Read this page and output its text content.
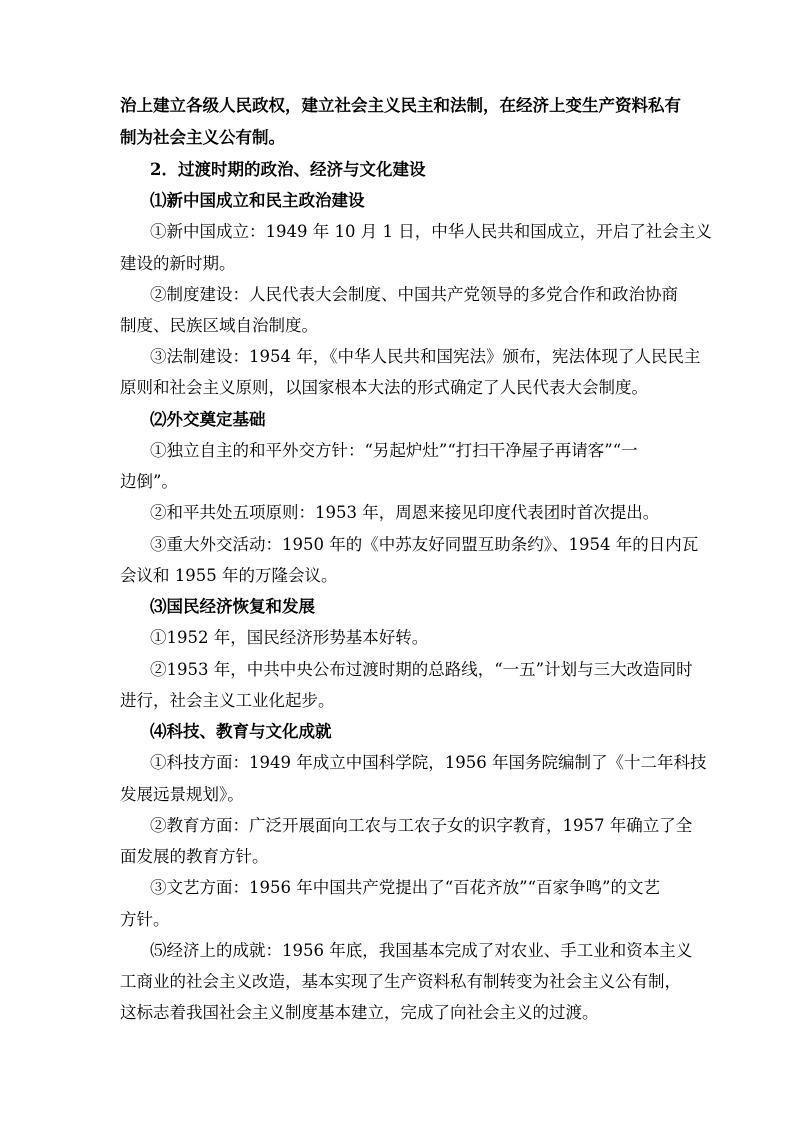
治上建立各级人民政权，建立社会主义民主和法制，在经济上变生产资料私有

制为社会主义公有制。

2．过渡时期的政治、经济与文化建设

⑴新中国成立和民主政治建设

①新中国成立：1949 年 10 月 1 日，中华人民共和国成立，开启了社会主义

建设的新时期。

②制度建设：人民代表大会制度、中国共产党领导的多党合作和政治协商

制度、民族区域自治制度。

③法制建设：1954 年，《中华人民共和国宪法》颁布，宪法体现了人民民主

原则和社会主义原则，以国家根本大法的形式确定了人民代表大会制度。

⑵外交奠定基础

①独立自主的和平外交方针：“另起炉灶”“打扫干净屋子再请客”“一

边倒”。

②和平共处五项原则：1953 年，周恩来接见印度代表团时首次提出。

③重大外交活动：1950 年的《中苏友好同盟互助条约》、1954 年的日内瓦

会议和 1955 年的万隆会议。

⑶国民经济恢复和发展

①1952 年，国民经济形势基本好转。

②1953 年，中共中央公布过渡时期的总路线，“一五”计划与三大改造同时

进行，社会主义工业化起步。

⑷科技、教育与文化成就

①科技方面：1949 年成立中国科学院，1956 年国务院编制了《十二年科技

发展远景规划》。

②教育方面：广泛开展面向工农与工农子女的识字教育，1957 年确立了全

面发展的教育方针。

③文艺方面：1956 年中国共产党提出了“百花齐放”“百家争鸣”的文艺

方针。

⑸经济上的成就：1956 年底，我国基本完成了对农业、手工业和资本主义

工商业的社会主义改造，基本实现了生产资料私有制转变为社会主义公有制，

这标志着我国社会主义制度基本建立，完成了向社会主义的过渡。
